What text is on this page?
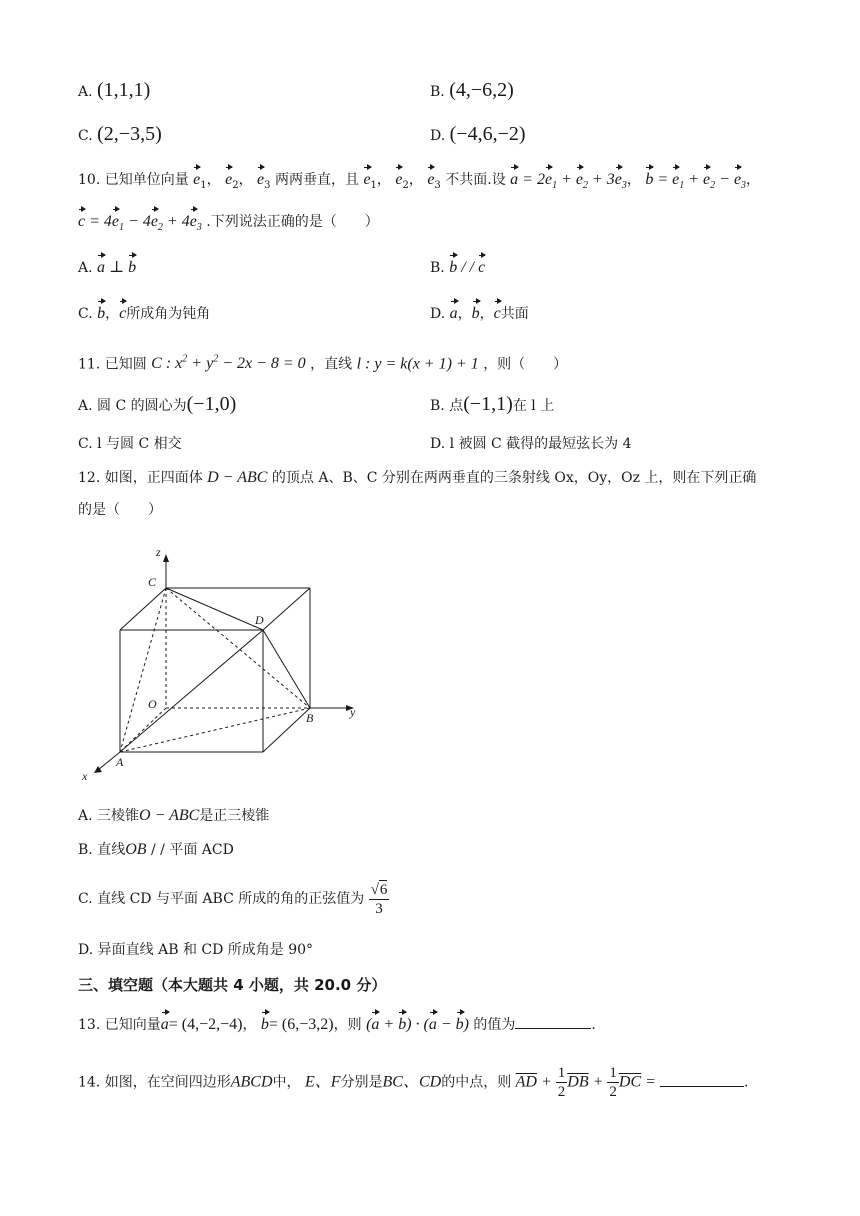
A. (1,1,1)	B. (4,−6,2)
C. (2,−3,5)	D. (−4,6,−2)
10. 已知单位向量 $e_1$， $e_2$， $e_3$ 两两垂直，且 $e_1$， $e_2$， $e_3$ 不共面.设 $a = 2e_1 + e_2 + 3e_3$， $b = e_1 + e_2 - e_3$，
$c = 4e_1 - 4e_2 + 4e_3$ .下列说法正确的是（　　）
A. a ⊥ b	B. b / / c
C. b，c所成角为钝角	D. a，b，c共面
11. 已知圆 C : $x^2 + y^2 - 2x - 8 = 0$ ，直线 l : y = k(x + 1) + 1 ，则（　　）
A. 圆 C 的圆心为(−1,0)	B. 点(−1,1)在 l 上
C. l 与圆 C 相交	D. l 被圆 C 截得的最短弦长为 4
12. 如图，正四面体 D − ABC 的顶点 A、B、C 分别在两两垂直的三条射线 Ox，Oy，Oz 上，则在下列正确
的是（　　）
z
C
D
O
B	y
A
x
A. 三棱锥O − ABC是正三棱锥
B. 直线OB / / 平面 ACD
C. 直线 CD 与平面 ABC 所成的角的正弦值为 $\frac{√6}{3}$
D. 异面直线 AB 和 CD 所成角是 90°
三、填空题（本大题共 4 小题，共 20.0 分）
13. 已知向量a= (4,−2,−4)， b= (6,−3,2)，则 (a + b) · (a − b) 的值为	.
14. 如图，在空间四边形ABCD中， E、F分别是BC、CD的中点，则 $\overline{AD} + \frac{1}{2} \overline{DB} + \frac{1}{2} \overline{DC}$ =	.
